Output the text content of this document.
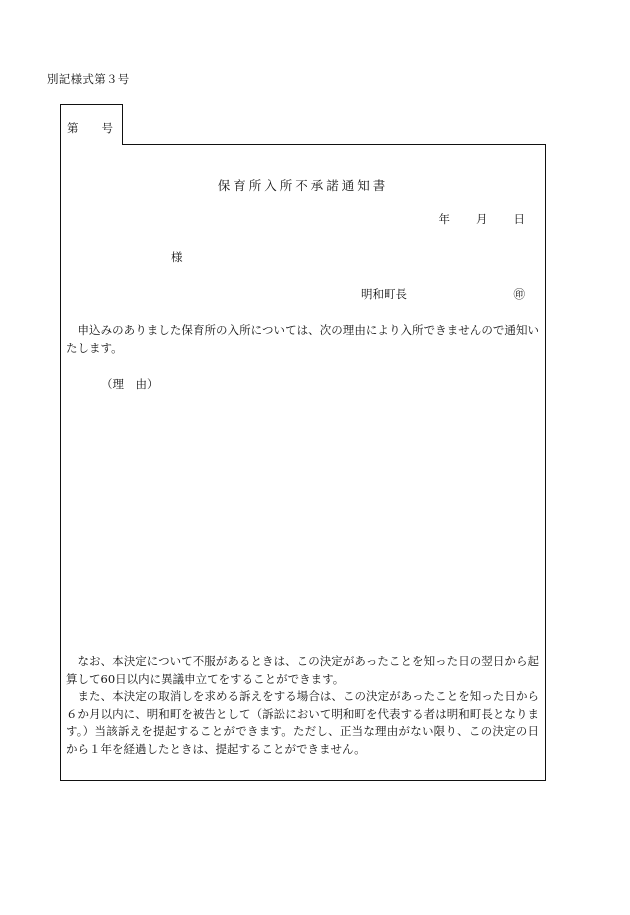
別記様式第３号
第　　号
保育所入所不承諾通知書
年 月 日
様
明和町長	㊞
申込みのありました保育所の入所については、次の理由により入所できませんので通知いたします。
（理　由）

なお、本決定について不服があるときは、この決定があったことを知った日の翌日から起算して60日以内に異議申立てをすることができます。

また、本決定の取消しを求める訴えをする場合は、この決定があったことを知った日から６か月以内に、明和町を被告として（訴訟において明和町を代表する者は明和町長となります。）当該訴えを提起することができます。ただし、正当な理由がない限り、この決定の日から１年を経過したときは、提起することができません。
